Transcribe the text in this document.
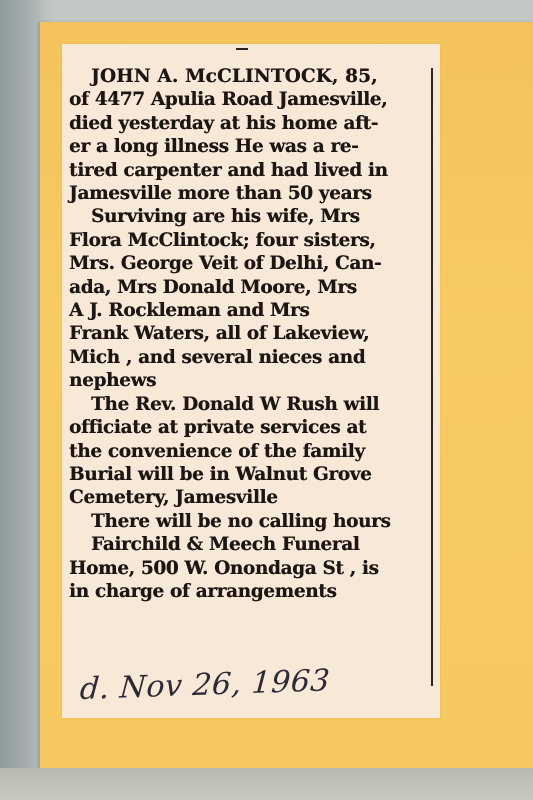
JOHN A. McCLINTOCK, 85,
of 4477 Apulia Road Jamesville,
died yesterday at his home aft-
er a long illness He was a re-
tired carpenter and had lived in
Jamesville more than 50 years
Surviving are his wife, Mrs
Flora McClintock; four sisters,
Mrs. George Veit of Delhi, Can-
ada, Mrs Donald Moore, Mrs
A J. Rockleman and Mrs
Frank Waters, all of Lakeview,
Mich , and several nieces and
nephews
The Rev. Donald W Rush will
officiate at private services at
the convenience of the family
Burial will be in Walnut Grove
Cemetery, Jamesville
There will be no calling hours
Fairchild & Meech Funeral
Home, 500 W. Onondaga St , is
in charge of arrangements
d. Nov 26, 1963
